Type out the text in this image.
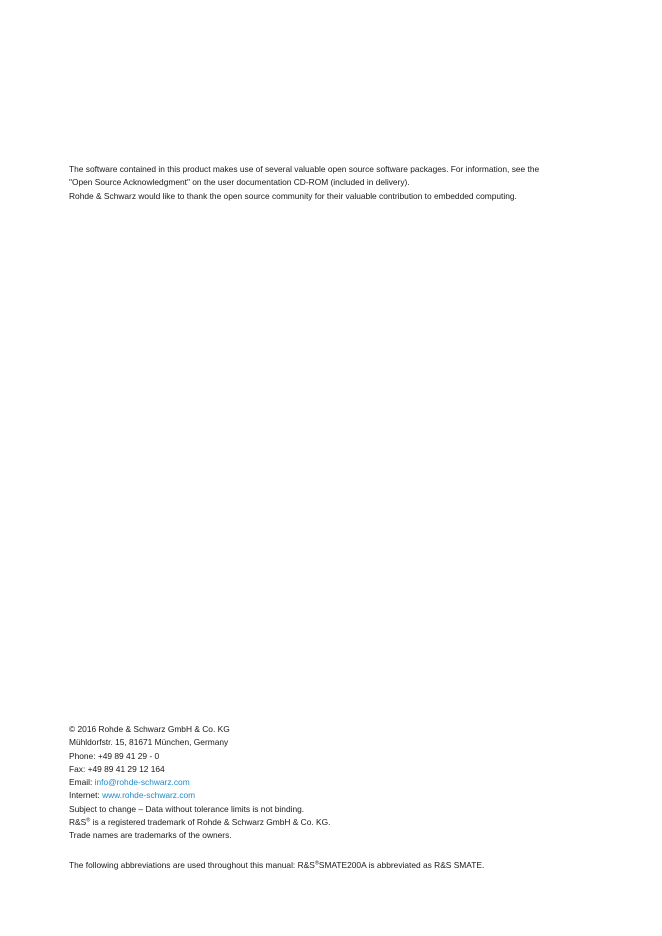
The software contained in this product makes use of several valuable open source software packages. For information, see the
"Open Source Acknowledgment" on the user documentation CD-ROM (included in delivery).
Rohde & Schwarz would like to thank the open source community for their valuable contribution to embedded computing.
© 2016 Rohde & Schwarz GmbH & Co. KG
Mühldorfstr. 15, 81671 München, Germany
Phone: +49 89 41 29 - 0
Fax: +49 89 41 29 12 164
Email: info@rohde-schwarz.com
Internet: www.rohde-schwarz.com
Subject to change – Data without tolerance limits is not binding.
R&S® is a registered trademark of Rohde & Schwarz GmbH & Co. KG.
Trade names are trademarks of the owners.
The following abbreviations are used throughout this manual: R&S®SMATE200A is abbreviated as R&S SMATE.
